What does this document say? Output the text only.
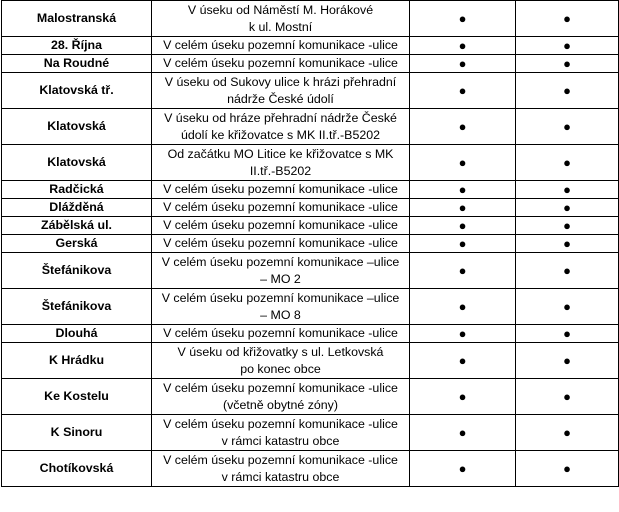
Malostranská	V úseku od Náměstí M. Horákové
k ul. Mostní	●	●
28. Října	V celém úseku pozemní komunikace -ulice	●	●
Na Roudné	V celém úseku pozemní komunikace -ulice	●	●
Klatovská tř.	V úseku od Sukovy ulice k hrázi přehradní
nádrže České údolí	●	●
Klatovská	V úseku od hráze přehradní nádrže České
údolí ke křižovatce s MK II.tř.-B5202	●	●
Klatovská	Od začátku MO Litice ke křižovatce s MK
II.tř.-B5202	●	●
Radčická	V celém úseku pozemní komunikace -ulice	●	●
Dlážděná	V celém úseku pozemní komunikace -ulice	●	●
Zábělská ul.	V celém úseku pozemní komunikace -ulice	●	●
Gerská	V celém úseku pozemní komunikace -ulice	●	●
Štefánikova	V celém úseku pozemní komunikace –ulice
– MO 2	●	●
Štefánikova	V celém úseku pozemní komunikace –ulice
– MO 8	●	●
Dlouhá	V celém úseku pozemní komunikace -ulice	●	●
K Hrádku	V úseku od křižovatky s ul. Letkovská
po konec obce	●	●
Ke Kostelu	V celém úseku pozemní komunikace -ulice
(včetně obytné zóny)	●	●
K Sinoru	V celém úseku pozemní komunikace -ulice
v rámci katastru obce	●	●
Chotíkovská	V celém úseku pozemní komunikace -ulice
v rámci katastru obce	●	●
